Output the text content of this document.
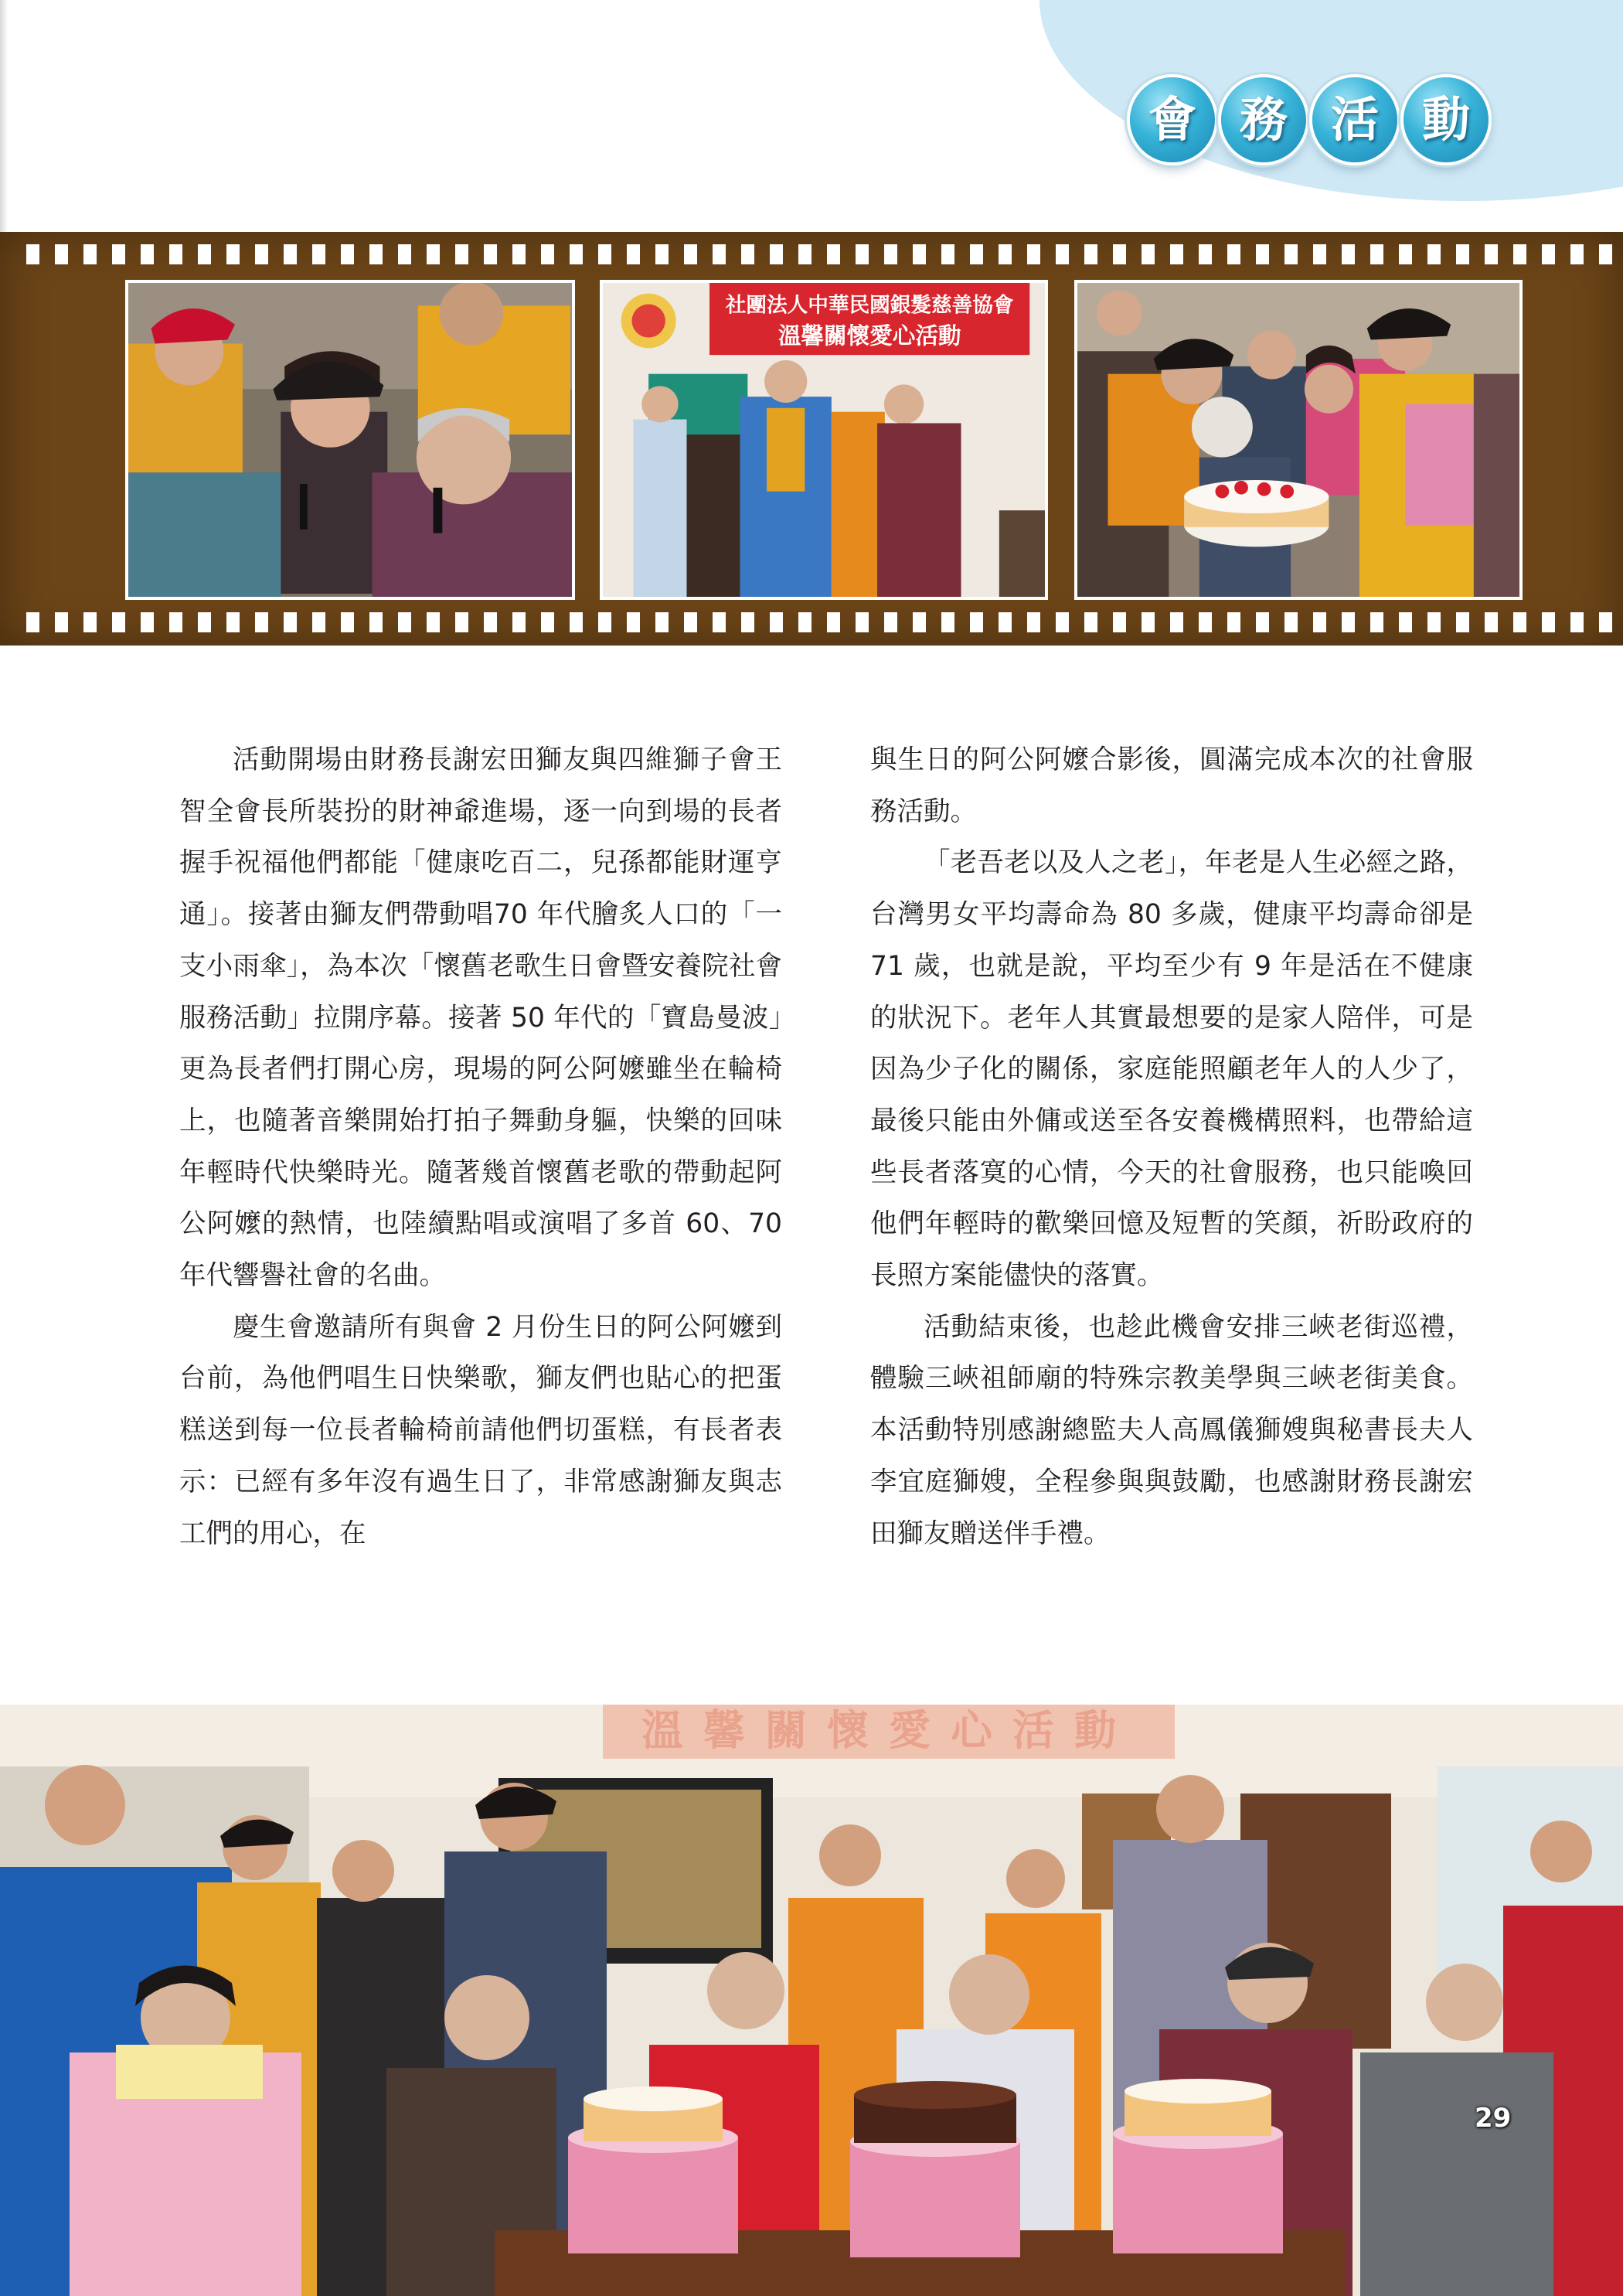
會 務 活 動
社團法人中華民國銀髮慈善協會
溫馨關懷愛心活動

活動開場由財務長謝宏田獅友與四維獅子會王智全會長所裝扮的財神爺進場，逐一向到場的長者握手祝福他們都能「健康吃百二，兒孫都能財運亨通」。接著由獅友們帶動唱70 年代膾炙人口的「一支小雨傘」，為本次「懷舊老歌生日會暨安養院社會服務活動」拉開序幕。接著 50 年代的「寶島曼波」更為長者們打開心房，現場的阿公阿嬤雖坐在輪椅上，也隨著音樂開始打拍子舞動身軀，快樂的回味年輕時代快樂時光。隨著幾首懷舊老歌的帶動起阿公阿嬤的熱情，也陸續點唱或演唱了多首 60、70 年代響譽社會的名曲。

慶生會邀請所有與會 2 月份生日的阿公阿嬤到台前，為他們唱生日快樂歌，獅友們也貼心的把蛋糕送到每一位長者輪椅前請他們切蛋糕，有長者表示：已經有多年沒有過生日了，非常感謝獅友與志工們的用心，在

與生日的阿公阿嬤合影後，圓滿完成本次的社會服務活動。

「老吾老以及人之老」，年老是人生必經之路，台灣男女平均壽命為 80 多歲，健康平均壽命卻是 71 歲，也就是說，平均至少有 9 年是活在不健康的狀況下。老年人其實最想要的是家人陪伴，可是因為少子化的關係，家庭能照顧老年人的人少了，最後只能由外傭或送至各安養機構照料，也帶給這些長者落寞的心情，今天的社會服務，也只能喚回他們年輕時的歡樂回憶及短暫的笑顏，祈盼政府的長照方案能儘快的落實。

活動結束後，也趁此機會安排三峽老街巡禮，體驗三峽祖師廟的特殊宗教美學與三峽老街美食。本活動特別感謝總監夫人高鳳儀獅嫂與秘書長夫人李宜庭獅嫂，全程參與與鼓勵，也感謝財務長謝宏田獅友贈送伴手禮。

溫馨關懷愛心活動
29
